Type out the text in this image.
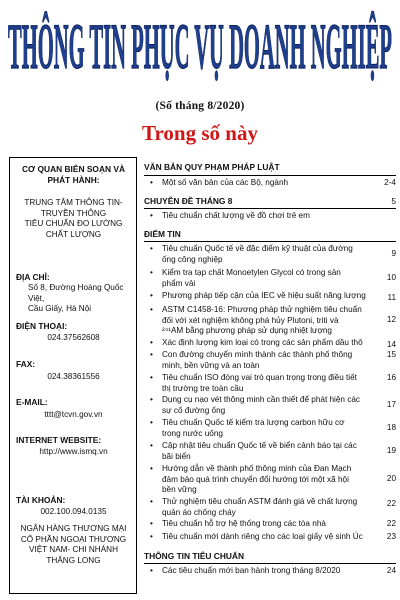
THÔNG TIN PHỤC VỤ DOANH NGHIỆP
(Số tháng 8/2020)
Trong số này
CƠ QUAN BIÊN SOẠN VÀ
PHÁT HÀNH:
TRUNG TÂM THÔNG TIN-
TRUYỀN THÔNG
TIÊU CHUẨN ĐO LƯỜNG
CHẤT LƯỢNG
ĐỊA CHỈ:
Số 8, Đường Hoàng Quốc Việt,
Cầu Giấy, Hà Nội
ĐIỆN THOẠI:
024.37562608
FAX:
024.38361556
E-MAIL:
tttt@tcvn.gov.vn
INTERNET WEBSITE:
http://www.ismq.vn
TÀI KHOẢN:
002.100.094.0135
NGÂN HÀNG THƯƠNG MẠI
CỔ PHẦN NGOẠI THƯƠNG
VIỆT NAM- CHI NHÁNH
THĂNG LONG
VĂN BẢN QUY PHẠM PHÁP LUẬT
•	Một số văn bản của các Bộ, ngành	2-4
CHUYÊN ĐỀ THÁNG 8	5
•	Tiêu chuẩn chất lượng về đồ chơi trẻ em
ĐIỂM TIN
•	Tiêu chuẩn Quốc tế về đặc điểm kỹ thuật của đường
ống công nghiệp
9
•	Kiểm tra tạp chất Monoetylen Glycol có trong sản
phẩm vải
10
•	Phương pháp tiếp cận của IEC về hiệu suất năng lượng	11
•	ASTM C1458-16: Phương pháp thử nghiệm tiêu chuẩn
đối với xét nghiệm không phá hủy Plutoni, triti và
²⁴¹AM bằng phương pháp sử dụng nhiệt lượng
12
•	Xác định lượng kim loại có trong các sản phẩm dầu thô	14
•	Con đường chuyển mình thành các thành phố thông
minh, bền vững và an toàn
15
•	Tiêu chuẩn ISO đóng vai trò quan trọng trong điều tiết
thị trường tre toàn cầu
16
•	Dụng cụ nạo vét thông minh cần thiết để phát hiện các
sự cố đường ống
17
•	Tiêu chuẩn Quốc tế kiểm tra lượng carbon hữu cơ
trong nước uống
18
•	Cập nhật tiêu chuẩn Quốc tế về biển cảnh báo tại các
bãi biển
19
•	Hướng dẫn về thành phố thông minh của Đan Mạch
đảm bảo quá trình chuyển đổi hướng tới một xã hội
bền vững
20
•	Thử nghiệm tiêu chuẩn ASTM đánh giá về chất lượng
quản áo chống cháy
22
•	Tiêu chuẩn hỗ trợ hệ thống trong các tòa nhà	22
•	Tiêu chuẩn mới dành riêng cho các loại giấy vệ sinh Úc	23
THÔNG TIN TIÊU CHUẨN
•	Các tiêu chuẩn mới ban hành trong tháng 8/2020	24
